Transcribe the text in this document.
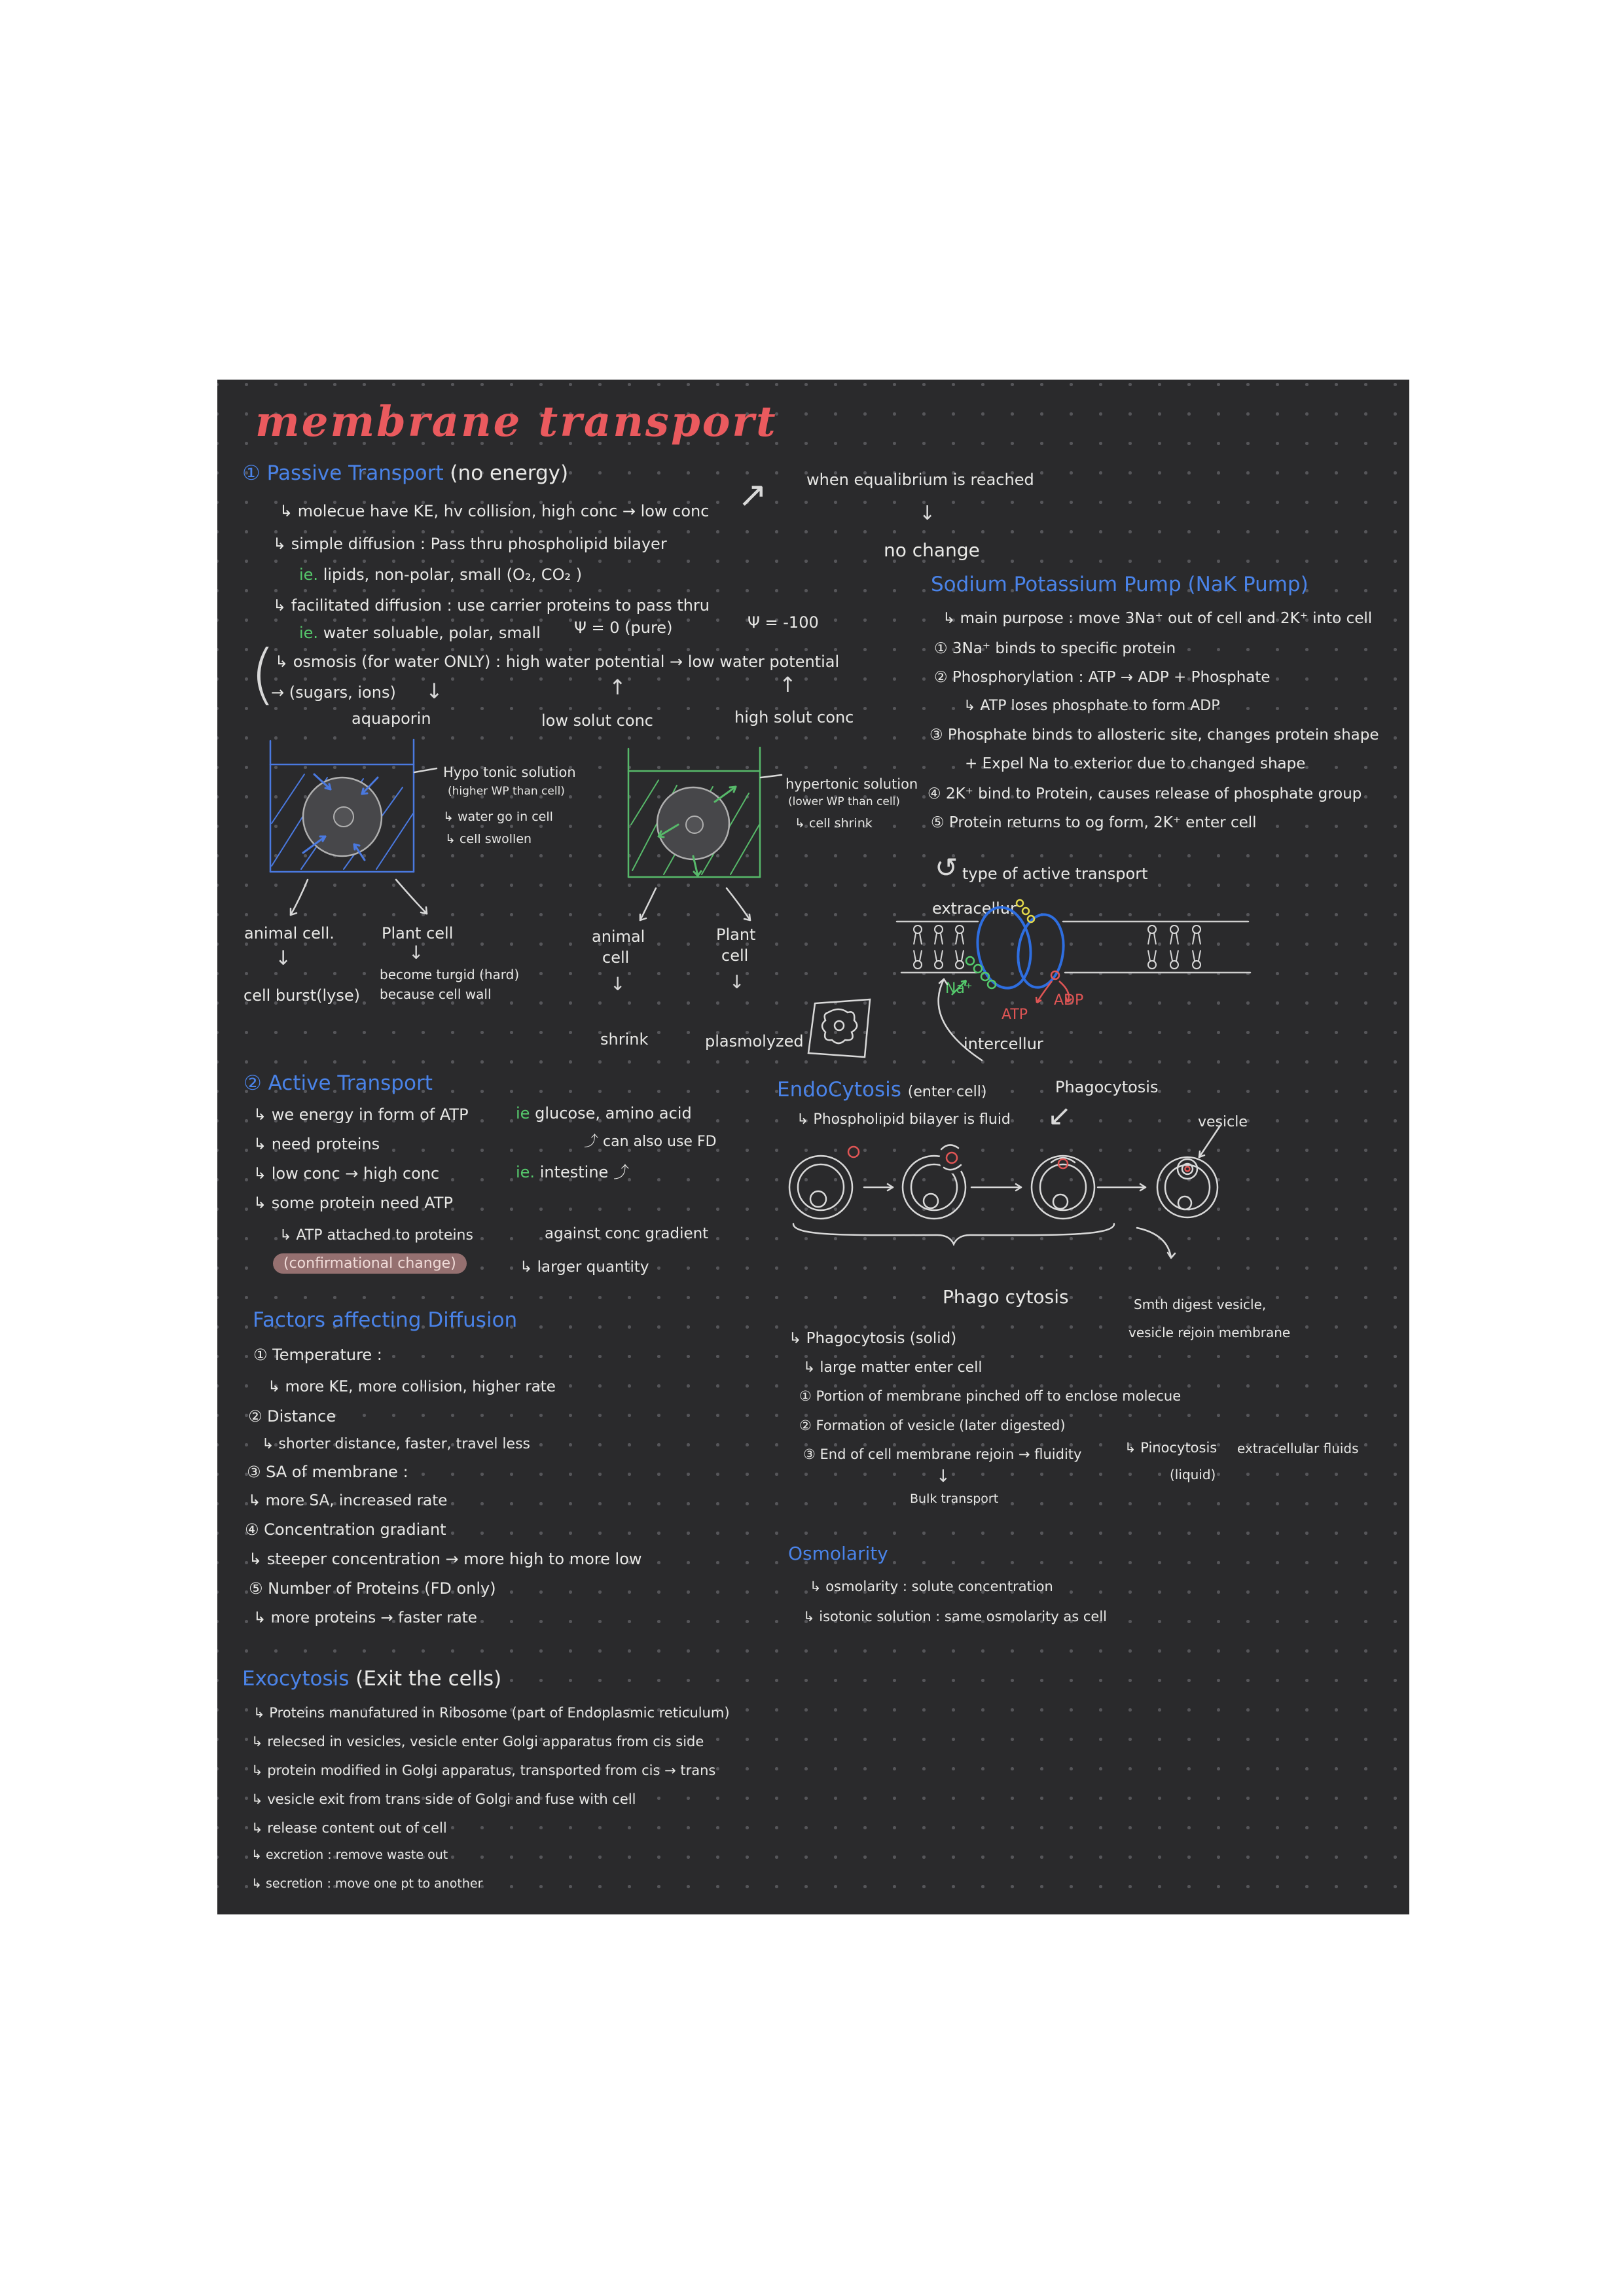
membrane transport
① Passive Transport (no energy)
↳ molecue have KE, hv collision, high conc → low conc
↳ simple diffusion : Pass thru phospholipid bilayer
ie. lipids, non-polar, small (O₂, CO₂ )
↳ facilitated diffusion : use carrier proteins to pass thru
ie. water soluable, polar, small Ψ = 0 (pure)	Ψ = -100
(
↳ osmosis (for water ONLY) : high water potential → low water potential
→ (sugars, ions) ↓	↑	↑
aquaporin	low solut conc	high solut conc
↗ when equalibrium is reached
↓
no change
Sodium Potassium Pump (NaK Pump)
↳ main purpose : move 3Na⁺ out of cell and 2K⁺ into cell
① 3Na⁺ binds to specific protein
② Phosphorylation : ATP → ADP + Phosphate
↳ ATP loses phosphate to form ADP
③ Phosphate binds to allosteric site, changes protein shape
+ Expel Na to exterior due to changed shape
④ 2K⁺ bind to Protein, causes release of phosphate group
⑤ Protein returns to og form, 2K⁺ enter cell
↺ type of active transport
extracellur
Na⁺
ATP
ADP
intercellur
Hypo tonic solution
(higher WP than cell)
↳ water go in cell
↳ cell swollen
animal cell.
↓
cell burst(lyse)
Plant cell
↓
become turgid (hard)
because cell wall
hypertonic solution
(lower WP than cell)
↳ cell shrink
animal
cell
↓
shrink
Plant
cell
↓
plasmolyzed
② Active Transport
↳ we energy in form of ATP	ie glucose, amino acid
↳ need proteins	⤴ can also use FD
↳ low conc → high conc	ie. intestine ⤴
↳ some protein need ATP
↳ ATP attached to proteins	against conc gradient
(confirmational change)	↳ larger quantity
Factors affecting Diffusion
① Temperature :
↳ more KE, more collision, higher rate
② Distance
↳ shorter distance, faster, travel less
③ SA of membrane :
↳ more SA, increased rate
④ Concentration gradiant
↳ steeper concentration → more high to more low
⑤ Number of Proteins (FD only)
↳ more proteins → faster rate
Exocytosis (Exit the cells)
↳ Proteins manufatured in Ribosome (part of Endoplasmic reticulum)
↳ relecsed in vesicles, vesicle enter Golgi apparatus from cis side
↳ protein modified in Golgi apparatus, transported from cis → trans
↳ vesicle exit from trans side of Golgi and fuse with cell
↳ release content out of cell
↳ excretion : remove waste out
↳ secretion : move one pt to another
EndoCytosis (enter cell)
↳ Phospholipid bilayer is fluid
Phagocytosis
↙	vesicle
Phago cytosis	Smth digest vesicle,
vesicle rejoin membrane
↳ Phagocytosis (solid)
↳ large matter enter cell
① Portion of membrane pinched off to enclose molecue
② Formation of vesicle (later digested)
③ End of cell membrane rejoin → fluidity
↓
Bulk transport
↳ Pinocytosis extracellular fluids
(liquid)
Osmolarity
↳ osmolarity : solute concentration
↳ isotonic solution : same osmolarity as cell
